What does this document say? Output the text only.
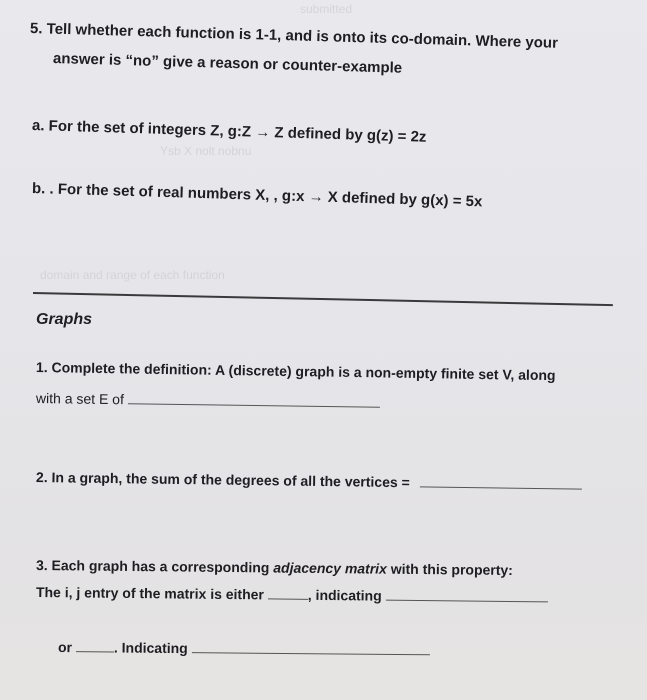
submitted
Ysb X nolt nobnu
domain and range of each function
5. Tell whether each function is 1-1, and is onto its co-domain. Where your
answer is “no” give a reason or counter-example
a. For the set of integers Z, g:Z → Z defined by g(z) = 2z
b. . For the set of real numbers X, , g:x → X defined by g(x) = 5x
Graphs
1. Complete the definition: A (discrete) graph is a non-empty finite set V, along
with a set E of
2. In a graph, the sum of the degrees of all the vertices =
3. Each graph has a corresponding adjacency matrix with this property:
The i, j entry of the matrix is either	, indicating
or	. Indicating
